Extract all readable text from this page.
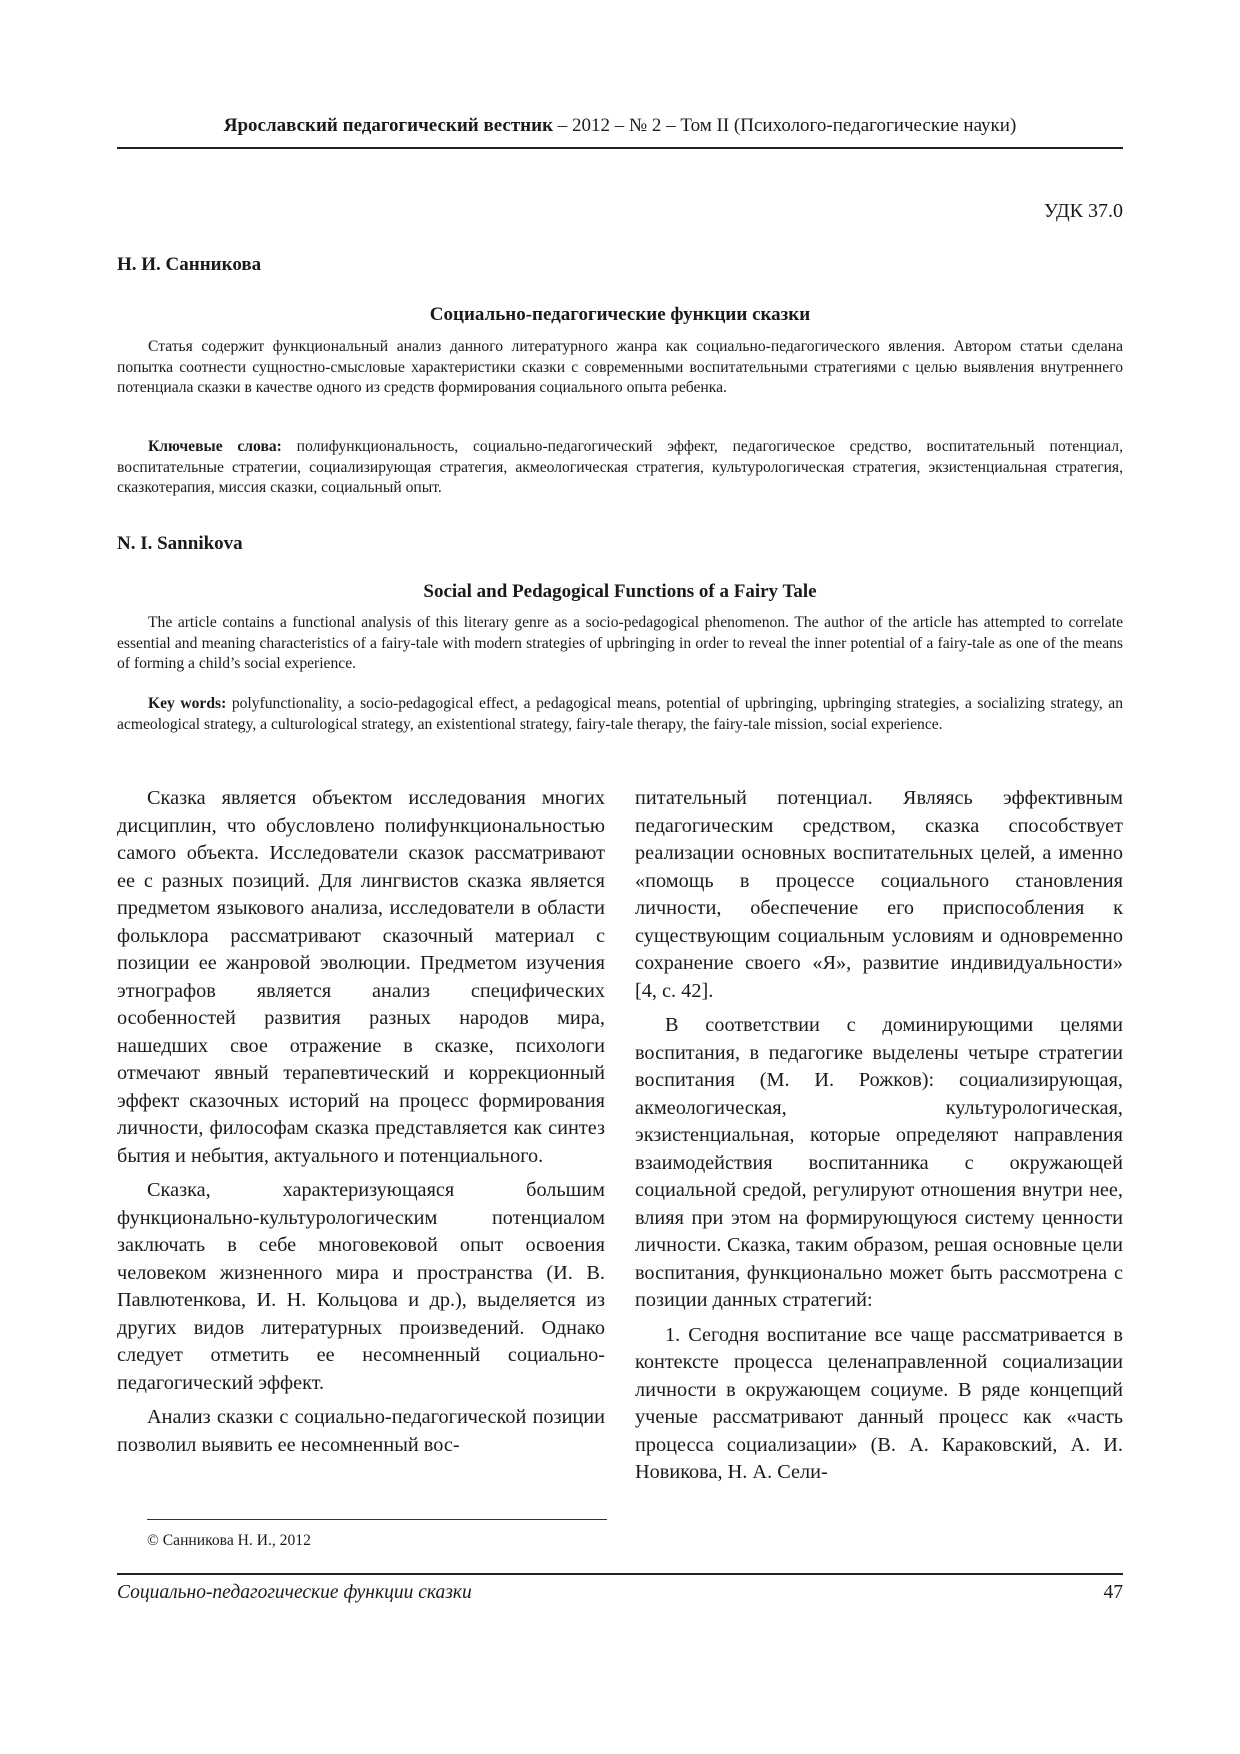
Ярославский педагогический вестник – 2012 – № 2 – Том II (Психолого-педагогические науки)
УДК 37.0
Н. И. Санникова
Социально-педагогические функции сказки
Статья содержит функциональный анализ данного литературного жанра как социально-педагогического явления. Автором статьи сделана попытка соотнести сущностно-смысловые характеристики сказки с современными воспитательными стратегиями с целью выявления внутреннего потенциала сказки в качестве одного из средств формирования социального опыта ребенка.
Ключевые слова: полифункциональность, социально-педагогический эффект, педагогическое средство, воспитательный потенциал, воспитательные стратегии, социализирующая стратегия, акмеологическая стратегия, культурологическая стратегия, экзистенциальная стратегия, сказкотерапия, миссия сказки, социальный опыт.
N. I. Sannikova
Social and Pedagogical Functions of a Fairy Tale
The article contains a functional analysis of this literary genre as a socio-pedagogical phenomenon. The author of the article has attempted to correlate essential and meaning characteristics of a fairy-tale with modern strategies of upbringing in order to reveal the inner potential of a fairy-tale as one of the means of forming a child’s social experience.
Key words: polyfunctionality, a socio-pedagogical effect, a pedagogical means, potential of upbringing, upbringing strategies, a socializing strategy, an acmeological strategy, a culturological strategy, an existentional strategy, fairy-tale therapy, the fairy-tale mission, social experience.

Сказка является объектом исследования многих дисциплин, что обусловлено полифункциональностью самого объекта. Исследователи сказок рассматривают ее с разных позиций. Для лингвистов сказка является предметом языкового анализа, исследователи в области фольклора рассматривают сказочный материал с позиции ее жанровой эволюции. Предметом изучения этнографов является анализ специфических особенностей развития разных народов мира, нашедших свое отражение в сказке, психологи отмечают явный терапевтический и коррекционный эффект сказочных историй на процесс формирования личности, философам сказка представляется как синтез бытия и небытия, актуального и потенциального.

Сказка, характеризующаяся большим функционально-культурологическим потенциалом заключать в себе многовековой опыт освоения человеком жизненного мира и пространства (И. В. Павлютенкова, И. Н. Кольцова и др.), выделяется из других видов литературных произведений. Однако следует отметить ее несомненный социально-педагогический эффект.

Анализ сказки с социально-педагогической позиции позволил выявить ее несомненный вос-

питательный потенциал. Являясь эффективным педагогическим средством, сказка способствует реализации основных воспитательных целей, а именно «помощь в процессе социального становления личности, обеспечение его приспособления к существующим социальным условиям и одновременно сохранение своего «Я», развитие индивидуальности» [4, с. 42].

В соответствии с доминирующими целями воспитания, в педагогике выделены четыре стратегии воспитания (М. И. Рожков): социализирующая, акмеологическая, культурологическая, экзистенциальная, которые определяют направления взаимодействия воспитанника с окружающей социальной средой, регулируют отношения внутри нее, влияя при этом на формирующуюся систему ценности личности. Сказка, таким образом, решая основные цели воспитания, функционально может быть рассмотрена с позиции данных стратегий:

1. Сегодня воспитание все чаще рассматривается в контексте процесса целенаправленной социализации личности в окружающем социуме. В ряде концепций ученые рассматривают данный процесс как «часть процесса социализации» (В. А. Караковский, А. И. Новикова, Н. А. Сели-

© Санникова Н. И., 2012
Социально-педагогические функции сказки	47
